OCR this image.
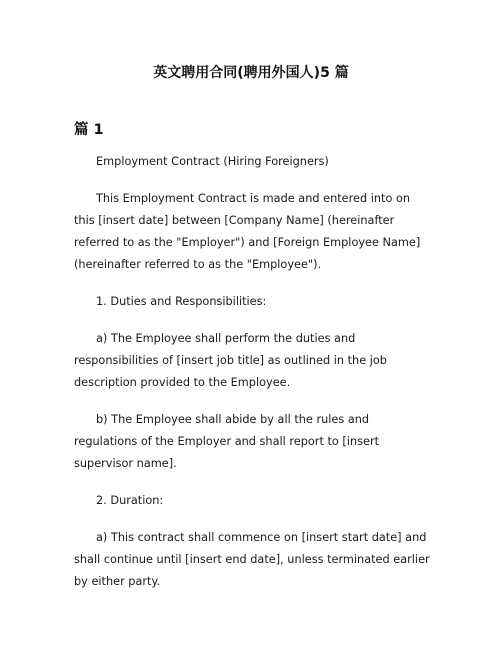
英文聘用合同(聘用外国人)5 篇
篇 1

Employment Contract (Hiring Foreigners)

This Employment Contract is made and entered into on this [insert date] between [Company Name] (hereinafter referred to as the "Employer") and [Foreign Employee Name] (hereinafter referred to as the "Employee").

1. Duties and Responsibilities:

a) The Employee shall perform the duties and responsibilities of [insert job title] as outlined in the job description provided to the Employee.

b) The Employee shall abide by all the rules and regulations of the Employer and shall report to [insert supervisor name].

2. Duration:

a) This contract shall commence on [insert start date] and shall continue until [insert end date], unless terminated earlier by either party.
